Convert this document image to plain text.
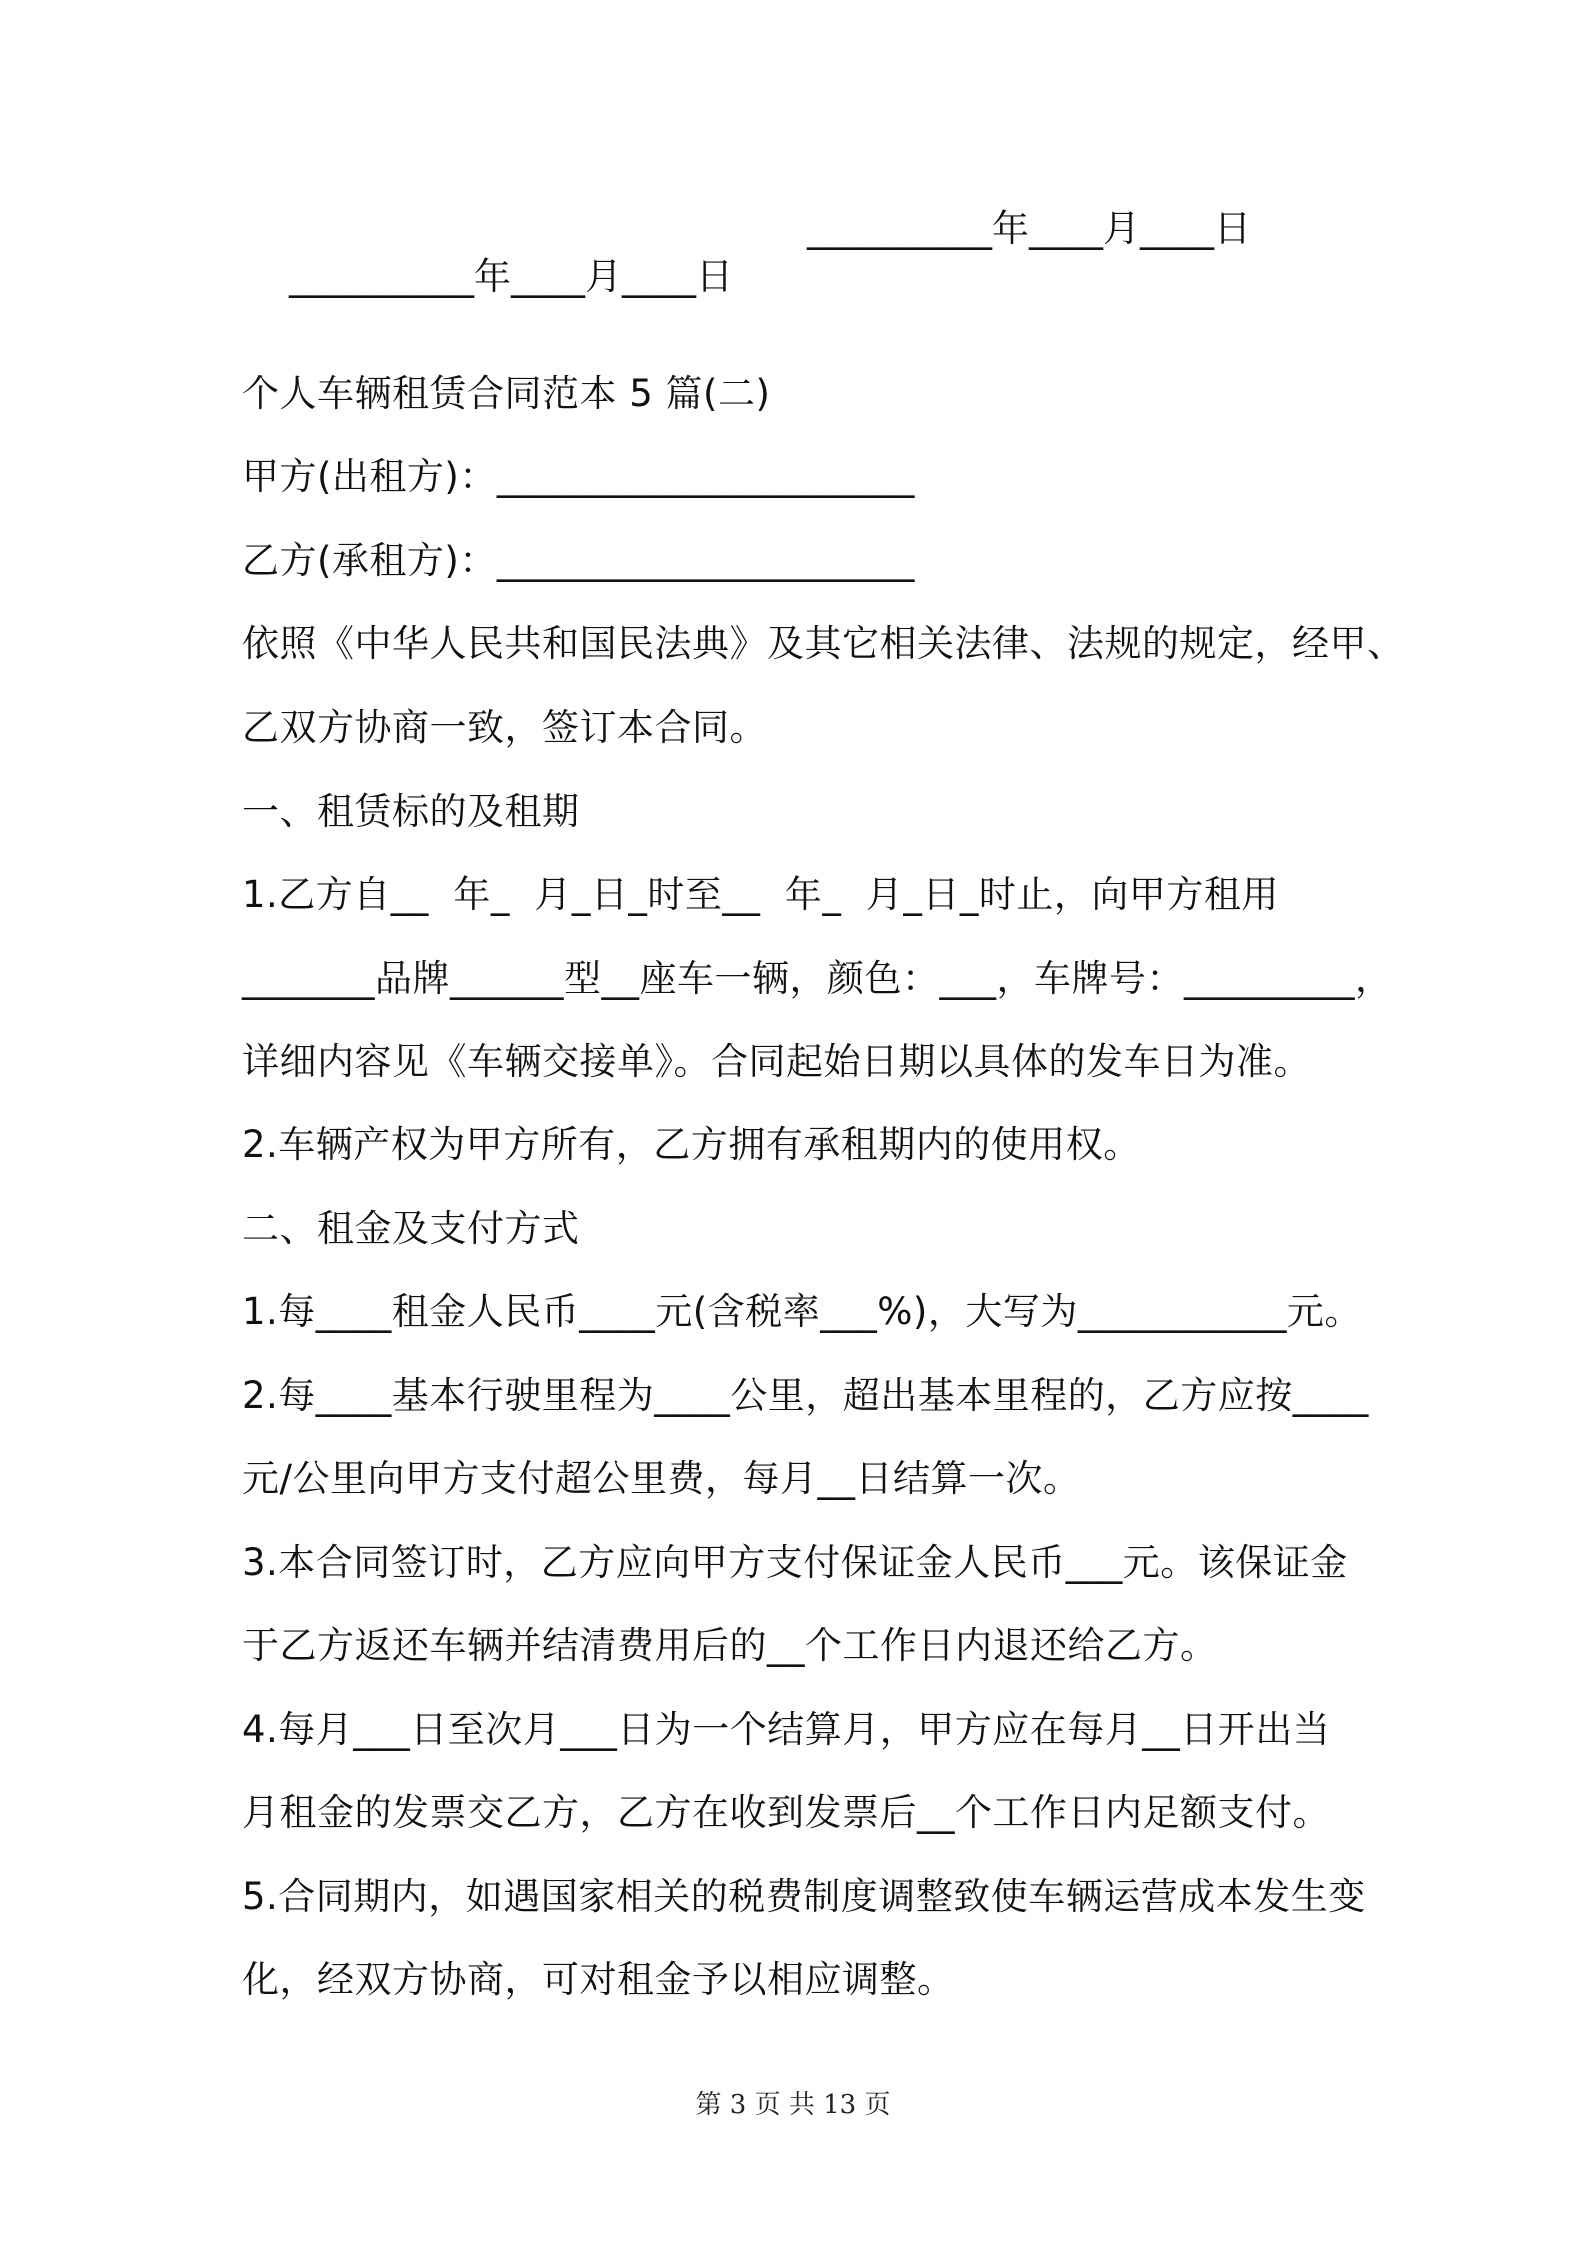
__________年____月____日

__________年____月____日

个人车辆租赁合同范本 5 篇(二)
甲方(出租方)：______________________
乙方(承租方)：______________________
依照《中华人民共和国民法典》及其它相关法律、法规的规定，经甲、
乙双方协商一致，签订本合同。
一、租赁标的及租期
1.乙方自__  年_  月_日_时至__  年_  月_日_时止，向甲方租用
_______品牌______型__座车一辆，颜色：___，车牌号：_________，
详细内容见《车辆交接单》。合同起始日期以具体的发车日为准。
2.车辆产权为甲方所有，乙方拥有承租期内的使用权。
二、租金及支付方式
1.每____租金人民币____元(含税率___%)，大写为___________元。
2.每____基本行驶里程为____公里，超出基本里程的，乙方应按____
元/公里向甲方支付超公里费，每月__日结算一次。
3.本合同签订时，乙方应向甲方支付保证金人民币___元。该保证金
于乙方返还车辆并结清费用后的__个工作日内退还给乙方。
4.每月___日至次月___日为一个结算月，甲方应在每月__日开出当
月租金的发票交乙方，乙方在收到发票后__个工作日内足额支付。
5.合同期内，如遇国家相关的税费制度调整致使车辆运营成本发生变
化，经双方协商，可对租金予以相应调整。
第 3 页 共 13 页
